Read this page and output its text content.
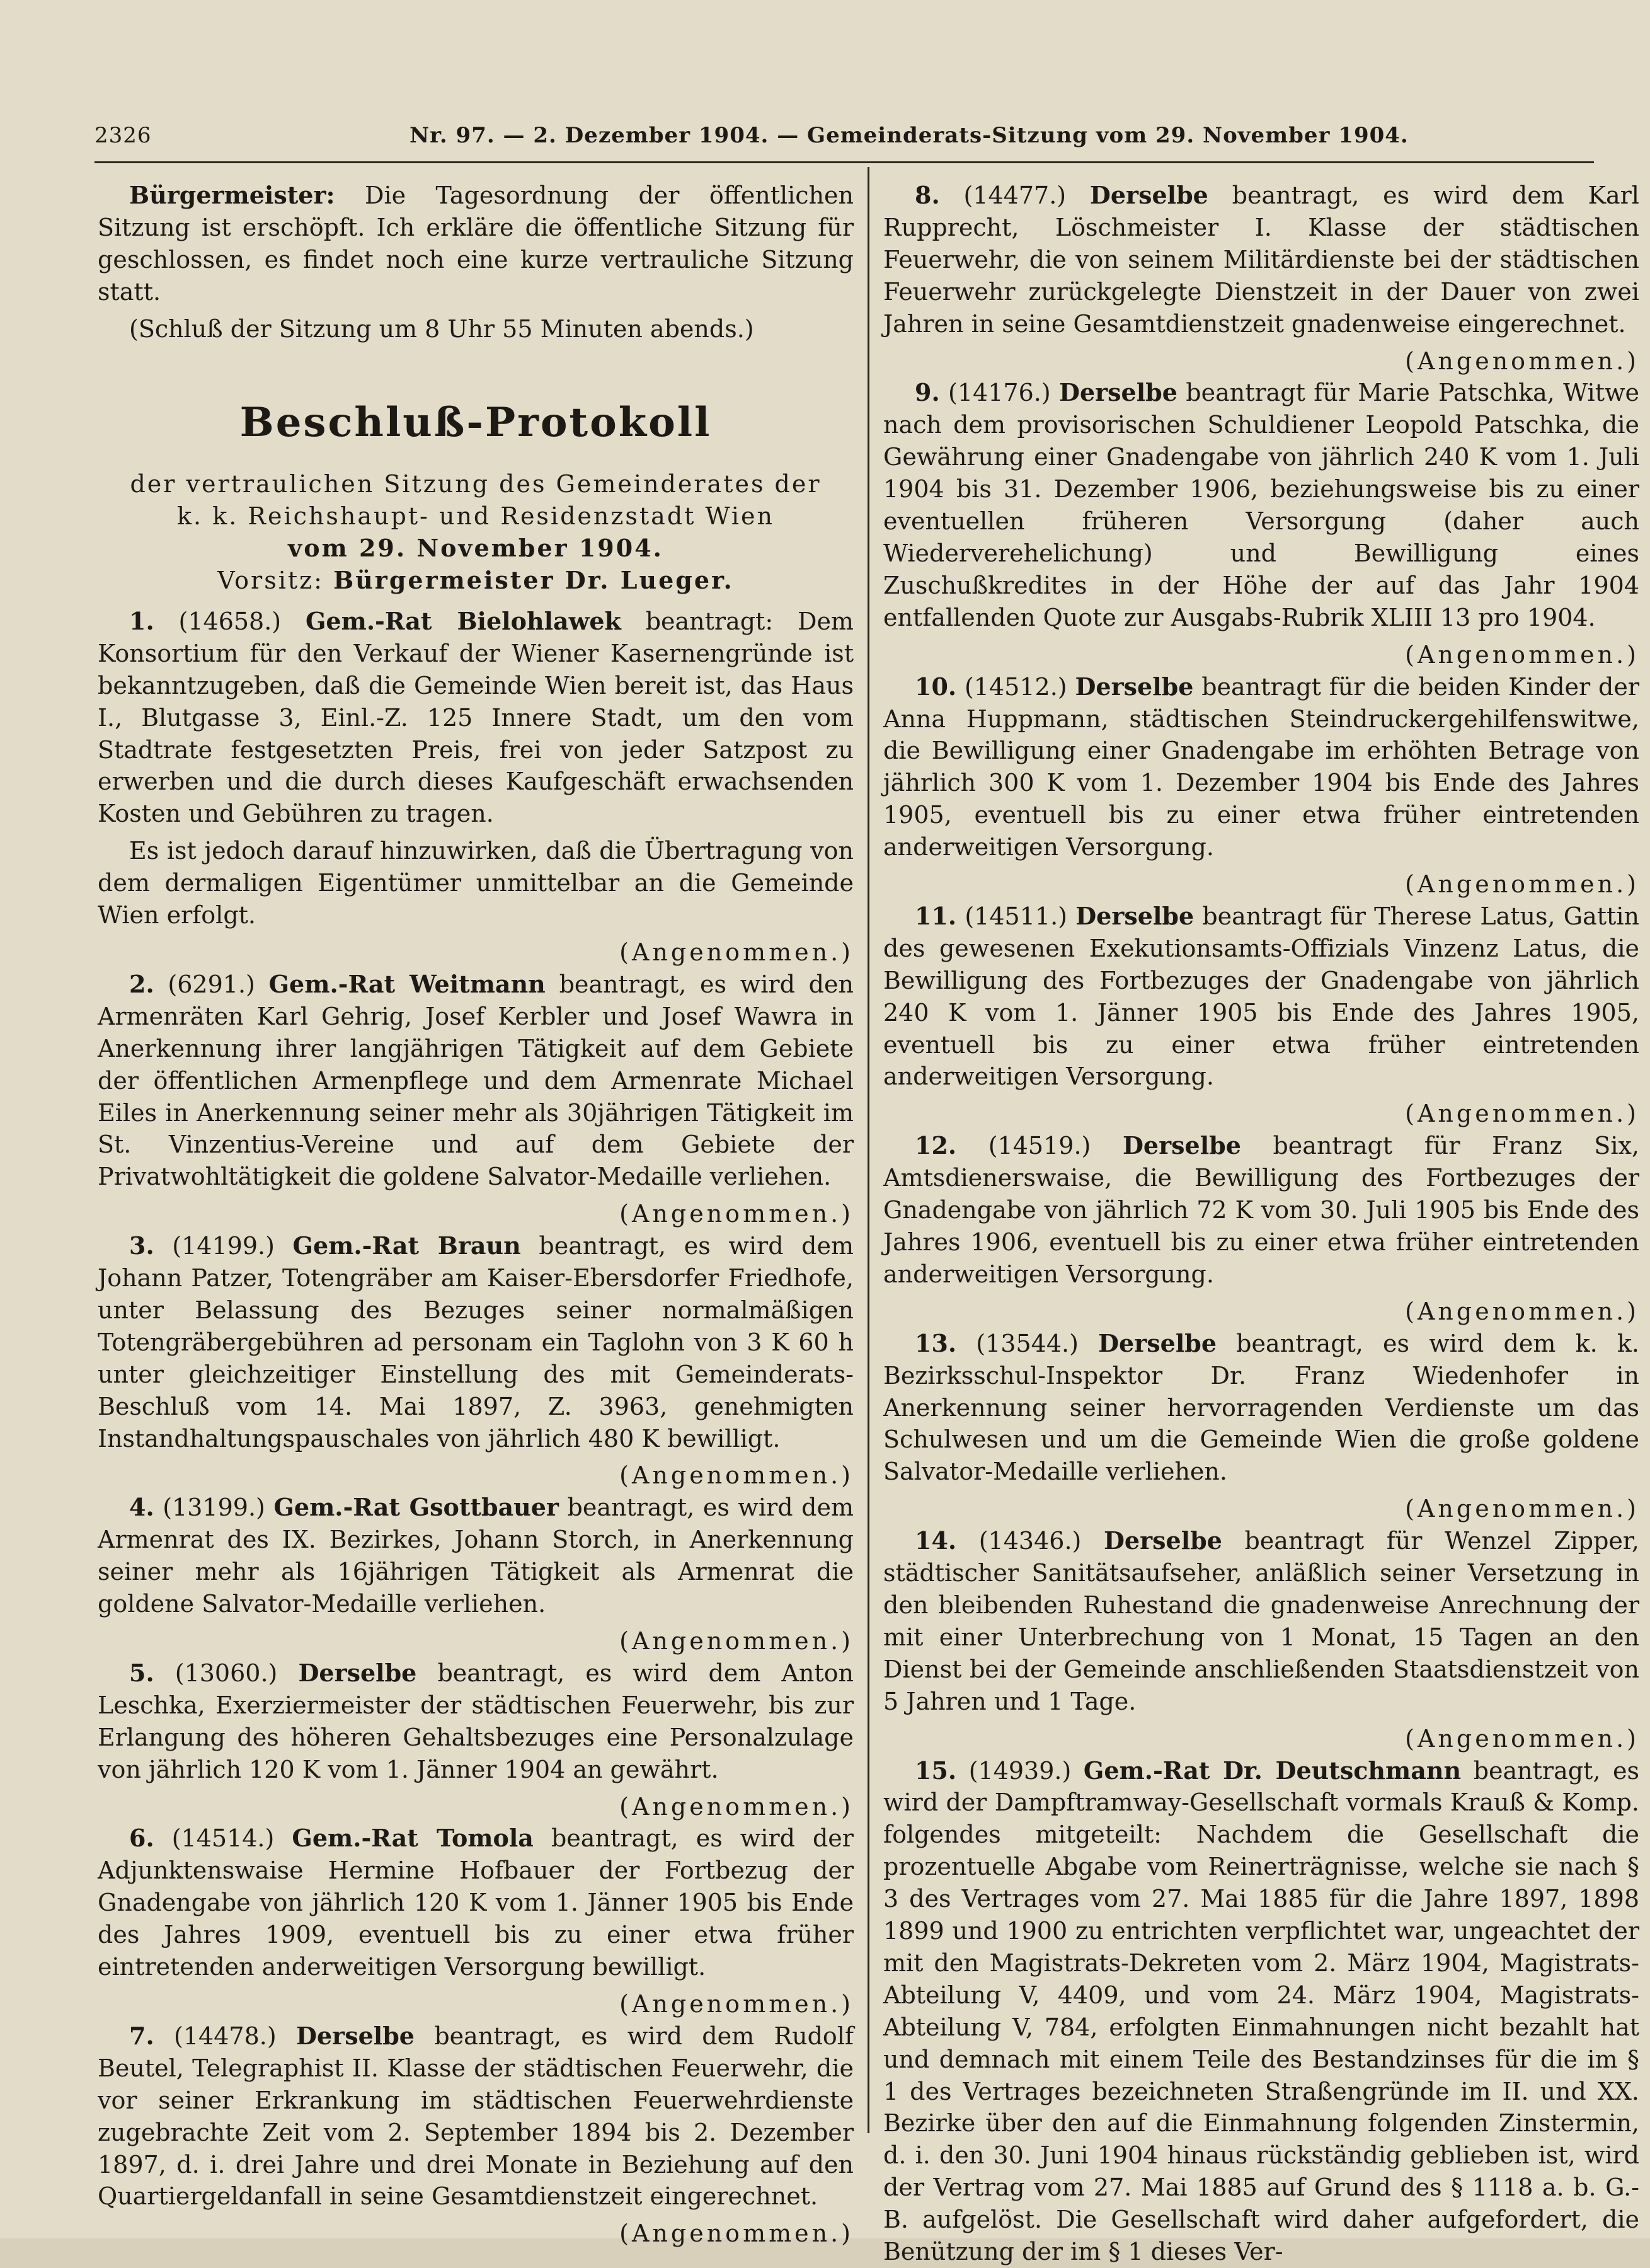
2326	Nr. 97. — 2. Dezember 1904. — Gemeinderats-Sitzung vom 29. November 1904.

Bürgermeister: Die Tagesordnung der öffentlichen Sitzung ist erschöpft. Ich erkläre die öffentliche Sitzung für geschlossen, es findet noch eine kurze vertrauliche Sitzung statt.

(Schluß der Sitzung um 8 Uhr 55 Minuten abends.)

Beschluß-Protokoll

der vertraulichen Sitzung des Gemeinderates der

k. k. Reichshaupt- und Residenzstadt Wien

vom 29. November 1904.

Vorsitz: Bürgermeister Dr. Lueger.

1. (14658.) Gem.-Rat Bielohlawek beantragt: Dem Konsortium für den Verkauf der Wiener Kasernengründe ist bekanntzugeben, daß die Gemeinde Wien bereit ist, das Haus I., Blutgasse 3, Einl.-Z. 125 Innere Stadt, um den vom Stadtrate festgesetzten Preis, frei von jeder Satzpost zu erwerben und die durch dieses Kaufgeschäft erwachsenden Kosten und Gebühren zu tragen.

Es ist jedoch darauf hinzuwirken, daß die Übertragung von dem dermaligen Eigentümer unmittelbar an die Gemeinde Wien erfolgt.

(Angenommen.)

2. (6291.) Gem.-Rat Weitmann beantragt, es wird den Armenräten Karl Gehrig, Josef Kerbler und Josef Wawra in Anerkennung ihrer langjährigen Tätigkeit auf dem Gebiete der öffentlichen Armenpflege und dem Armenrate Michael Eiles in Anerkennung seiner mehr als 30jährigen Tätigkeit im St. Vinzentius-Vereine und auf dem Gebiete der Privatwohltätigkeit die goldene Salvator-Medaille verliehen.

(Angenommen.)

3. (14199.) Gem.-Rat Braun beantragt, es wird dem Johann Patzer, Totengräber am Kaiser-Ebersdorfer Friedhofe, unter Belassung des Bezuges seiner normalmäßigen Totengräbergebühren ad personam ein Taglohn von 3 K 60 h unter gleichzeitiger Einstellung des mit Gemeinderats-Beschluß vom 14. Mai 1897, Z. 3963, genehmigten Instandhaltungspauschales von jährlich 480 K bewilligt.

(Angenommen.)

4. (13199.) Gem.-Rat Gsottbauer beantragt, es wird dem Armenrat des IX. Bezirkes, Johann Storch, in Anerkennung seiner mehr als 16jährigen Tätigkeit als Armenrat die goldene Salvator-Medaille verliehen.

(Angenommen.)

5. (13060.) Derselbe beantragt, es wird dem Anton Leschka, Exerziermeister der städtischen Feuerwehr, bis zur Erlangung des höheren Gehaltsbezuges eine Personalzulage von jährlich 120 K vom 1. Jänner 1904 an gewährt.

(Angenommen.)

6. (14514.) Gem.-Rat Tomola beantragt, es wird der Adjunktenswaise Hermine Hofbauer der Fortbezug der Gnadengabe von jährlich 120 K vom 1. Jänner 1905 bis Ende des Jahres 1909, eventuell bis zu einer etwa früher eintretenden anderweitigen Versorgung bewilligt.

(Angenommen.)

7. (14478.) Derselbe beantragt, es wird dem Rudolf Beutel, Telegraphist II. Klasse der städtischen Feuerwehr, die vor seiner Erkrankung im städtischen Feuerwehrdienste zugebrachte Zeit vom 2. September 1894 bis 2. Dezember 1897, d. i. drei Jahre und drei Monate in Beziehung auf den Quartiergeldanfall in seine Gesamtdienstzeit eingerechnet.

(Angenommen.)

8. (14477.) Derselbe beantragt, es wird dem Karl Rupprecht, Löschmeister I. Klasse der städtischen Feuerwehr, die von seinem Militärdienste bei der städtischen Feuerwehr zurückgelegte Dienstzeit in der Dauer von zwei Jahren in seine Gesamtdienstzeit gnadenweise eingerechnet.

(Angenommen.)

9. (14176.) Derselbe beantragt für Marie Patschka, Witwe nach dem provisorischen Schuldiener Leopold Patschka, die Gewährung einer Gnadengabe von jährlich 240 K vom 1. Juli 1904 bis 31. Dezember 1906, beziehungsweise bis zu einer eventuellen früheren Versorgung (daher auch Wiederverehelichung) und Bewilligung eines Zuschußkredites in der Höhe der auf das Jahr 1904 entfallenden Quote zur Ausgabs-Rubrik XLIII 13 pro 1904.

(Angenommen.)

10. (14512.) Derselbe beantragt für die beiden Kinder der Anna Huppmann, städtischen Steindruckergehilfenswitwe, die Bewilligung einer Gnadengabe im erhöhten Betrage von jährlich 300 K vom 1. Dezember 1904 bis Ende des Jahres 1905, eventuell bis zu einer etwa früher eintretenden anderweitigen Versorgung.

(Angenommen.)

11. (14511.) Derselbe beantragt für Therese Latus, Gattin des gewesenen Exekutionsamts-Offizials Vinzenz Latus, die Bewilligung des Fortbezuges der Gnadengabe von jährlich 240 K vom 1. Jänner 1905 bis Ende des Jahres 1905, eventuell bis zu einer etwa früher eintretenden anderweitigen Versorgung.

(Angenommen.)

12. (14519.) Derselbe beantragt für Franz Six, Amtsdienerswaise, die Bewilligung des Fortbezuges der Gnadengabe von jährlich 72 K vom 30. Juli 1905 bis Ende des Jahres 1906, eventuell bis zu einer etwa früher eintretenden anderweitigen Versorgung.

(Angenommen.)

13. (13544.) Derselbe beantragt, es wird dem k. k. Bezirksschul-Inspektor Dr. Franz Wiedenhofer in Anerkennung seiner hervorragenden Verdienste um das Schulwesen und um die Gemeinde Wien die große goldene Salvator-Medaille verliehen.

(Angenommen.)

14. (14346.) Derselbe beantragt für Wenzel Zipper, städtischer Sanitätsaufseher, anläßlich seiner Versetzung in den bleibenden Ruhestand die gnadenweise Anrechnung der mit einer Unterbrechung von 1 Monat, 15 Tagen an den Dienst bei der Gemeinde anschließenden Staatsdienstzeit von 5 Jahren und 1 Tage.

(Angenommen.)

15. (14939.) Gem.-Rat Dr. Deutschmann beantragt, es wird der Dampftramway-Gesellschaft vormals Krauß & Komp. folgendes mitgeteilt: Nachdem die Gesellschaft die prozentuelle Abgabe vom Reinerträgnisse, welche sie nach § 3 des Vertrages vom 27. Mai 1885 für die Jahre 1897, 1898 1899 und 1900 zu entrichten verpflichtet war, ungeachtet der mit den Magistrats-Dekreten vom 2. März 1904, Magistrats-Abteilung V, 4409, und vom 24. März 1904, Magistrats-Abteilung V, 784, erfolgten Einmahnungen nicht bezahlt hat und demnach mit einem Teile des Bestandzinses für die im § 1 des Vertrages bezeichneten Straßengründe im II. und XX. Bezirke über den auf die Einmahnung folgenden Zinstermin, d. i. den 30. Juni 1904 hinaus rückständig geblieben ist, wird der Vertrag vom 27. Mai 1885 auf Grund des § 1118 a. b. G.-B. aufgelöst. Die Gesellschaft wird daher aufgefordert, die Benützung der im § 1 dieses Ver-
